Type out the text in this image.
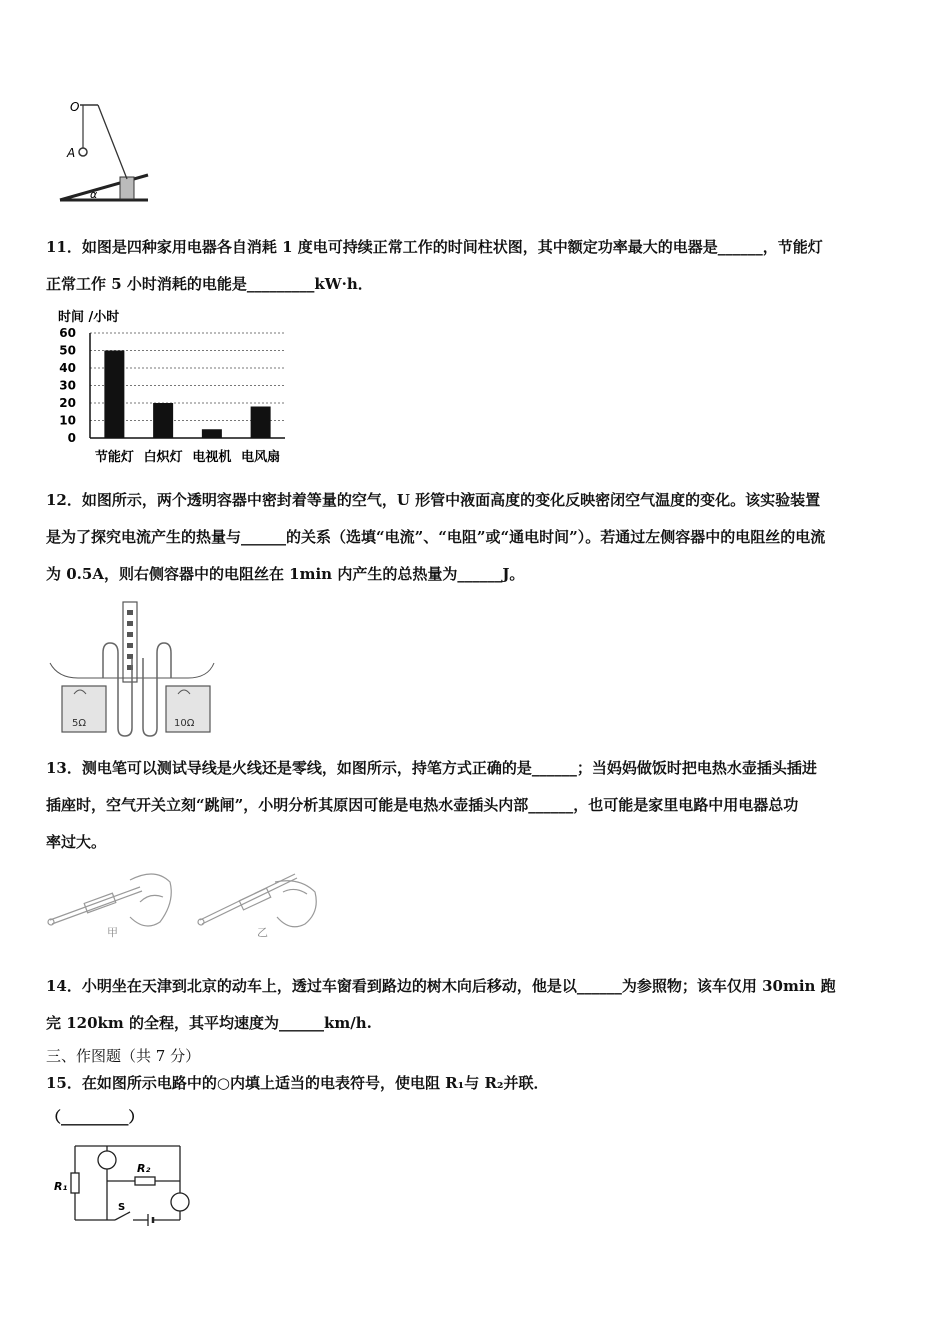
O
A
α

11．如图是四种家用电器各自消耗 1 度电可持续正常工作的时间柱状图，其中额定功率最大的电器是______，节能灯

正常工作 5 小时消耗的电能是_________kW·h．

时间 /小时
0
10
20
30
40
50
60
节能灯 白炽灯 电视机 电风扇

12．如图所示，两个透明容器中密封着等量的空气，U 形管中液面高度的变化反映密闭空气温度的变化。该实验装置

是为了探究电流产生的热量与______的关系（选填“电流”、“电阻”或“通电时间”）。若通过左侧容器中的电阻丝的电流

为 0.5A，则右侧容器中的电阻丝在 1min 内产生的总热量为______J。

5Ω	10Ω

13．测电笔可以测试导线是火线还是零线，如图所示，持笔方式正确的是______；当妈妈做饭时把电热水壶插头插进

插座时，空气开关立刻“跳闸”，小明分析其原因可能是电热水壶插头内部______，也可能是家里电路中用电器总功

率过大。

甲	乙

14．小明坐在天津到北京的动车上，透过车窗看到路边的树木向后移动，他是以______为参照物；该车仅用 30min 跑

完 120km 的全程，其平均速度为______km/h.

三、作图题（共 7 分）

15．在如图所示电路中的○内填上适当的电表符号，使电阻 R₁与 R₂并联．

（_________）

R₁
R₂
S
